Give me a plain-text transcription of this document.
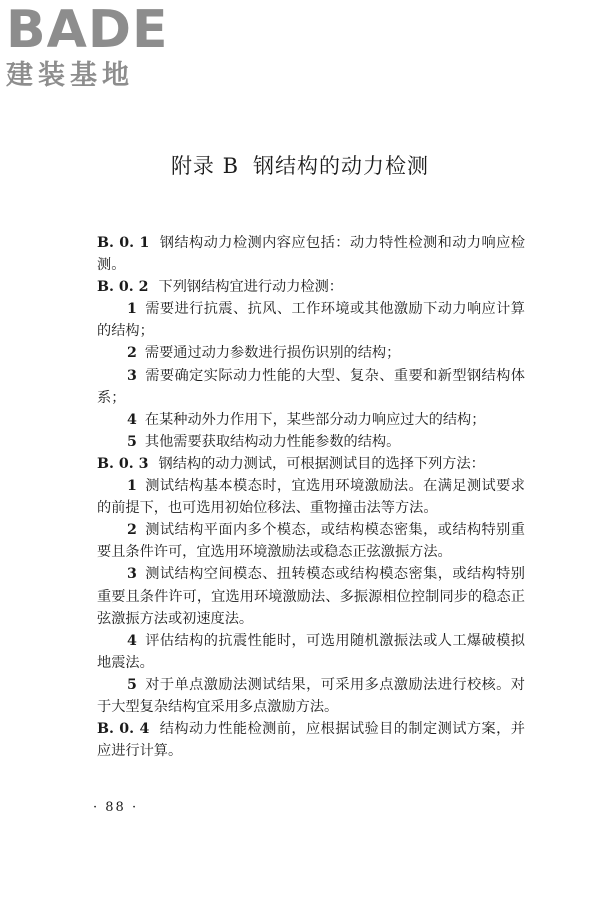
BADE
建装基地
附录 B 钢结构的动力检测

B. 0. 1 钢结构动力检测内容应包括：动力特性检测和动力响应检测。

B. 0. 2 下列钢结构宜进行动力检测：

1 需要进行抗震、抗风、工作环境或其他激励下动力响应计算的结构；

2 需要通过动力参数进行损伤识别的结构；

3 需要确定实际动力性能的大型、复杂、重要和新型钢结构体系；

4 在某种动外力作用下，某些部分动力响应过大的结构；

5 其他需要获取结构动力性能参数的结构。

B. 0. 3 钢结构的动力测试，可根据测试目的选择下列方法：

1 测试结构基本模态时，宜选用环境激励法。在满足测试要求的前提下，也可选用初始位移法、重物撞击法等方法。

2 测试结构平面内多个模态，或结构模态密集，或结构特别重要且条件许可，宜选用环境激励法或稳态正弦激振方法。

3 测试结构空间模态、扭转模态或结构模态密集，或结构特别重要且条件许可，宜选用环境激励法、多振源相位控制同步的稳态正弦激振方法或初速度法。

4 评估结构的抗震性能时，可选用随机激振法或人工爆破模拟地震法。

5 对于单点激励法测试结果，可采用多点激励法进行校核。对于大型复杂结构宜采用多点激励方法。

B. 0. 4 结构动力性能检测前，应根据试验目的制定测试方案，并应进行计算。

· 88 ·
